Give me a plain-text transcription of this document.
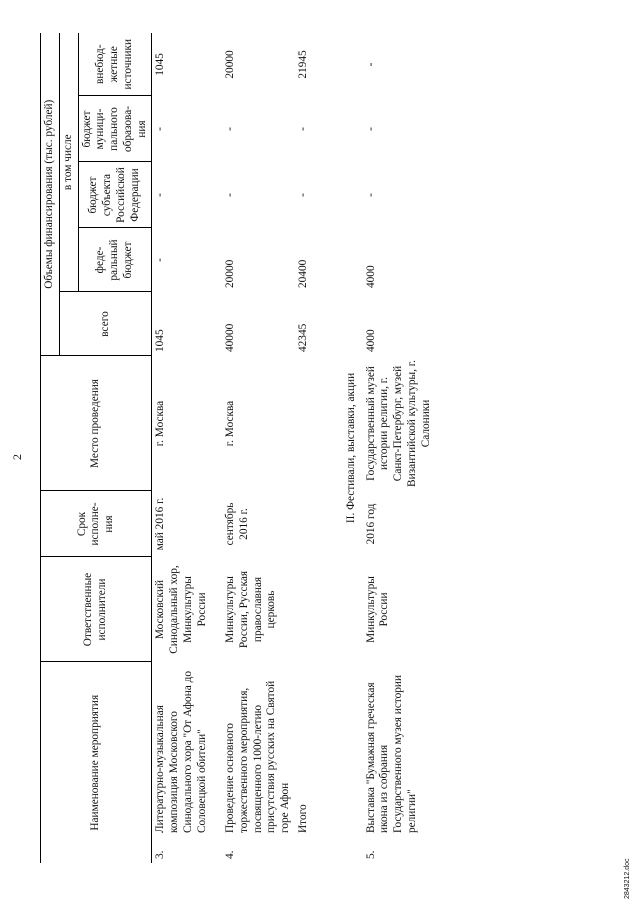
2
Наименование мероприятия		Ответственные исполнители	Срок исполне-ния	Место проведения	Объемы финансирования (тыс. рублей)				
					всего	в том числе			
						феде-ральный бюджет	бюджет субъекта Российской Федерации	бюджет муници-пального образова-ния	внебюд-жетные источники
3.	Литературно-музыкальная композиция Московского Синодального хора "От Афона до Соловецкой обители"	Московский Синодальный хор, Минкультуры России	май 2016 г.	г. Москва	1045	-	-	-	1045
4.	Проведение основного торжественного мероприятия, посвященного 1000-летию присутствия русских на Святой горе Афон	Минкультуры России, Русская православная церковь	сентябрь 2016 г.	г. Москва	40000	20000	-	-	20000
	Итого				42345	20400	-	-	21945
II. Фестивали, выставки, акции									
5.	Выставка "Бумажная греческая икона из собрания Государственного музея истории религии"	Минкультуры России	2016 год	Государственный музей истории религии, г. Санкт-Петербург, музей Византийской культуры, г. Салоники	4000	4000	-	-	-
2843212.doc
